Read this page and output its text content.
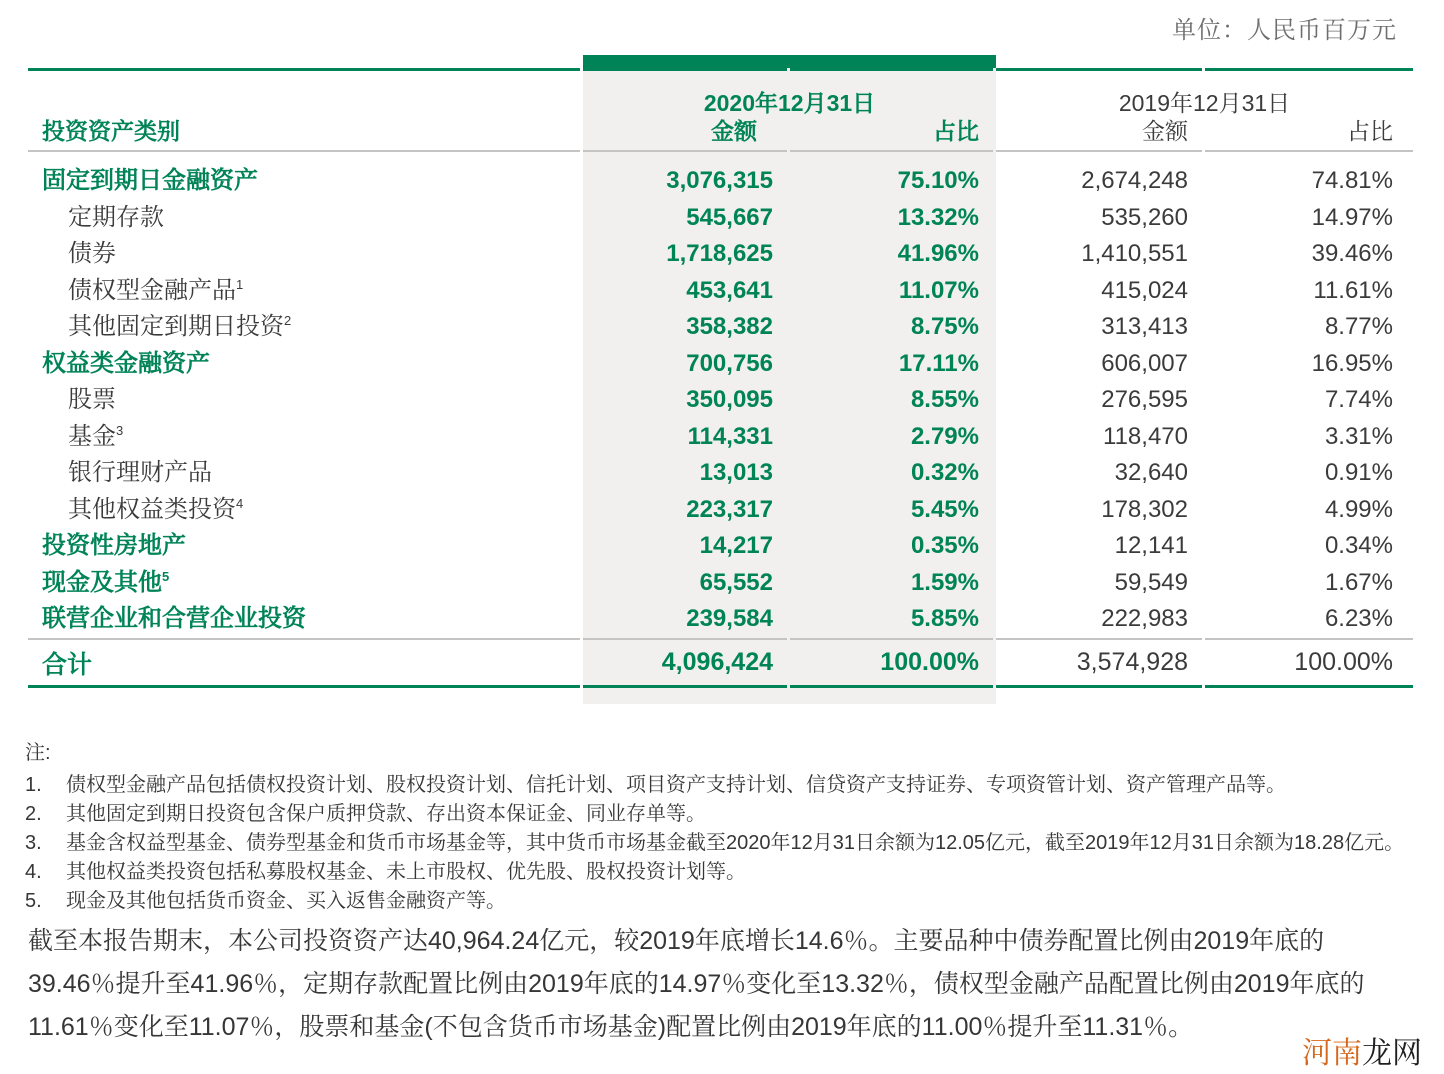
单位：人民币百万元
2020年12月31日	2019年12月31日
投资资产类别	金额	占比	金额	占比
固定到期日金融资产	3,076,315	75.10%	2,674,248	74.81%
定期存款	545,667	13.32%	535,260	14.97%
债券	1,718,625	41.96%	1,410,551	39.46%
债权型金融产品$^1$	453,641	11.07%	415,024	11.61%
其他固定到期日投资$^2$	358,382	8.75%	313,413	8.77%
权益类金融资产	700,756	17.11%	606,007	16.95%
股票	350,095	8.55%	276,595	7.74%
基金$^3$	114,331	2.79%	118,470	3.31%
银行理财产品	13,013	0.32%	32,640	0.91%
其他权益类投资$^4$	223,317	5.45%	178,302	4.99%
投资性房地产	14,217	0.35%	12,141	0.34%
现金及其他$^5$	65,552	1.59%	59,549	1.67%
联营企业和合营企业投资	239,584	5.85%	222,983	6.23%
合计	4,096,424	100.00%	3,574,928	100.00%
注:
1. 债权型金融产品包括债权投资计划、股权投资计划、信托计划、项目资产支持计划、信贷资产支持证券、专项资管计划、资产管理产品等。
2. 其他固定到期日投资包含保户质押贷款、存出资本保证金、同业存单等。
3. 基金含权益型基金、债券型基金和货币市场基金等，其中货币市场基金截至2020年12月31日余额为12.05亿元，截至2019年12月31日余额为18.28亿元。
4. 其他权益类投资包括私募股权基金、未上市股权、优先股、股权投资计划等。
5. 现金及其他包括货币资金、买入返售金融资产等。
截至本报告期末，本公司投资资产达40,964.24亿元，较2019年底增长14.6％。主要品种中债券配置比例由2019年底的
39.46％提升至41.96％，定期存款配置比例由2019年底的14.97％变化至13.32％，债权型金融产品配置比例由2019年底的
11.61％变化至11.07％，股票和基金(不包含货币市场基金)配置比例由2019年底的11.00％提升至11.31％。
河南龙网
